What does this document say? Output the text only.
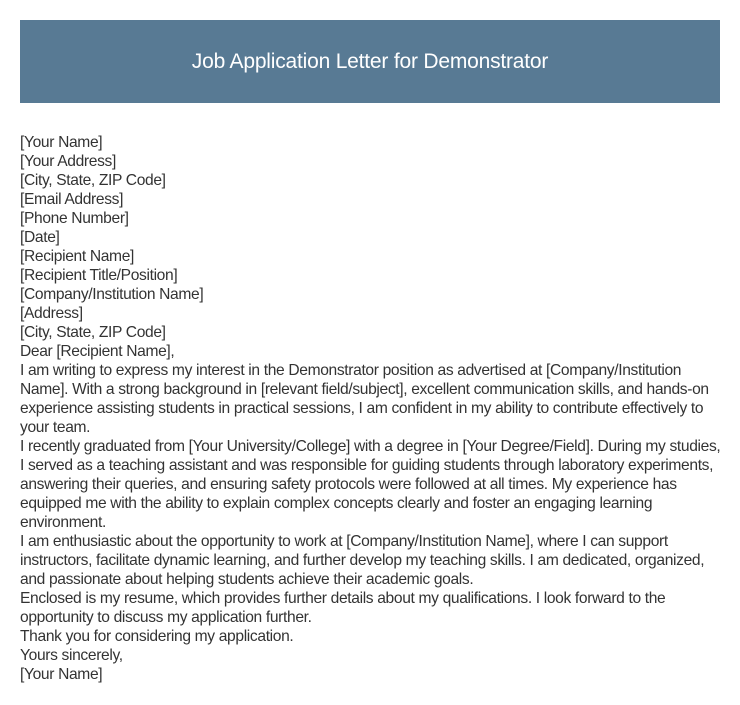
Job Application Letter for Demonstrator
[Your Name]
[Your Address]
[City, State, ZIP Code]
[Email Address]
[Phone Number]
[Date]
[Recipient Name]
[Recipient Title/Position]
[Company/Institution Name]
[Address]
[City, State, ZIP Code]
Dear [Recipient Name],
I am writing to express my interest in the Demonstrator position as advertised at [Company/Institution Name]. With a strong background in [relevant field/subject], excellent communication skills, and hands-on experience assisting students in practical sessions, I am confident in my ability to contribute effectively to your team.
I recently graduated from [Your University/College] with a degree in [Your Degree/Field]. During my studies, I served as a teaching assistant and was responsible for guiding students through laboratory experiments, answering their queries, and ensuring safety protocols were followed at all times. My experience has equipped me with the ability to explain complex concepts clearly and foster an engaging learning environment.
I am enthusiastic about the opportunity to work at [Company/Institution Name], where I can support instructors, facilitate dynamic learning, and further develop my teaching skills. I am dedicated, organized, and passionate about helping students achieve their academic goals.
Enclosed is my resume, which provides further details about my qualifications. I look forward to the opportunity to discuss my application further.
Thank you for considering my application.
Yours sincerely,
[Your Name]
